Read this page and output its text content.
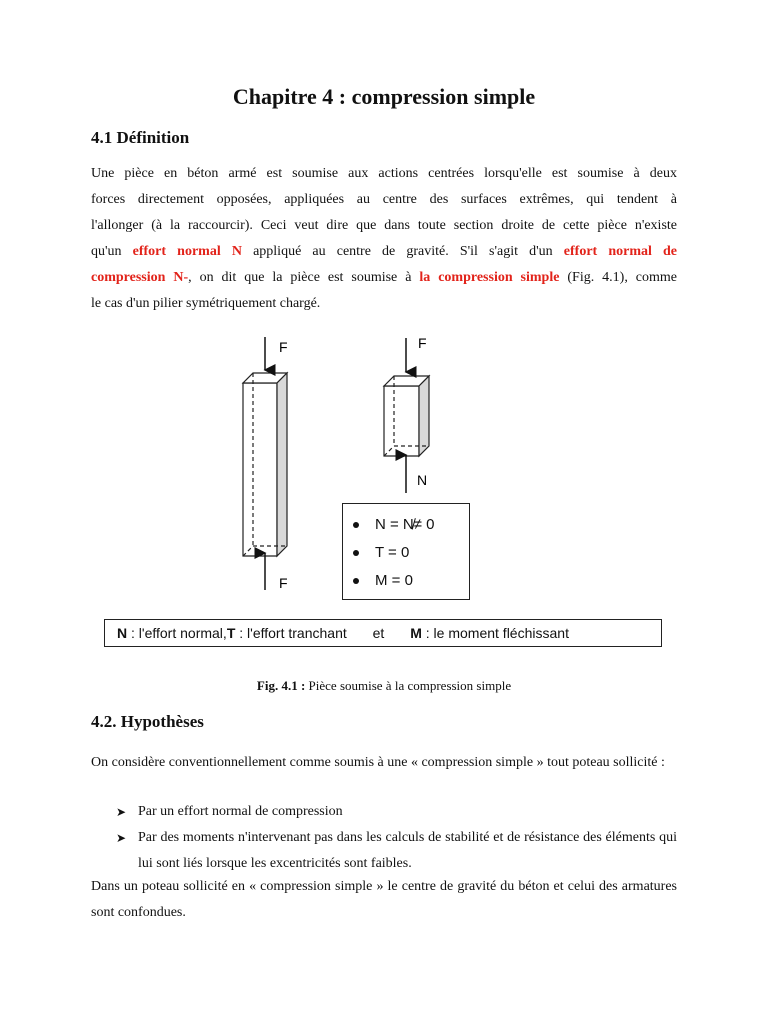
Chapitre 4 : compression simple
4.1 Définition
Une pièce en béton armé est soumise aux actions centrées lorsqu'elle est soumise à deux
forces directement opposées, appliquées au centre des surfaces extrêmes, qui tendent à
l'allonger (à la raccourcir). Ceci veut dire que dans toute section droite de cette pièce n'existe
qu'un effort normal N appliqué au centre de gravité. S'il s'agit d'un effort normal de
compression N-, on dit que la pièce est soumise à la compression simple (Fig. 4.1), comme
le cas d'un pilier symétriquement chargé.
F
F
F
N
N = N̸≠ 0
T = 0
M = 0
N : l'effort normal,T : l'effort tranchant et M : le moment fléchissant
Fig. 4.1 : Pièce soumise à la compression simple
4.2. Hypothèses

On considère conventionnellement comme soumis à une « compression simple » tout poteau sollicité :

➤ Par un effort normal de compression
➤ Par des moments n'intervenant pas dans les calculs de stabilité et de résistance des éléments qui lui sont liés lorsque les excentricités sont faibles.

Dans un poteau sollicité en « compression simple » le centre de gravité du béton et celui des armatures sont confondues.
